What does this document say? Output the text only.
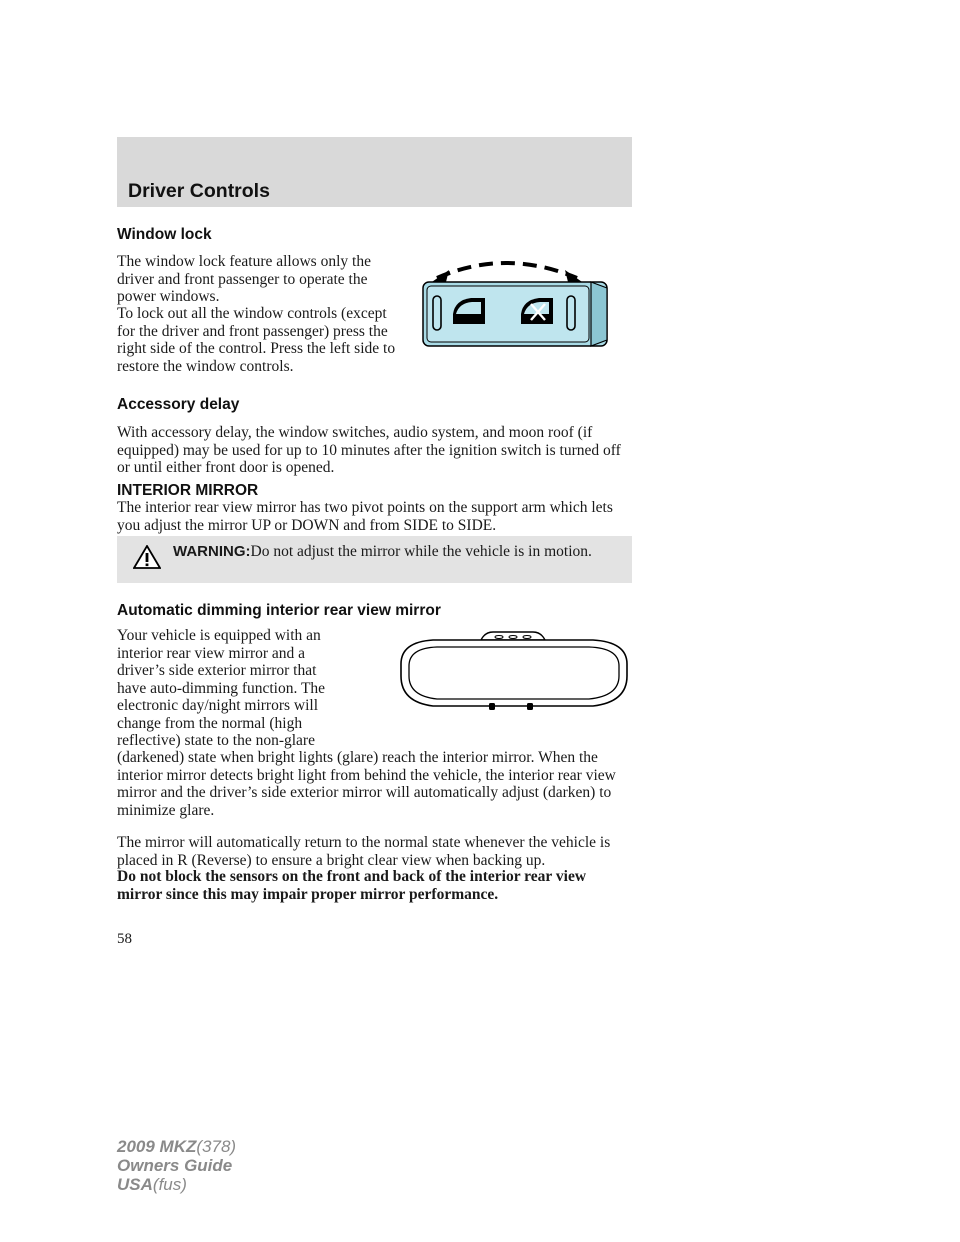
Driver Controls
Window lock
The window lock feature allows only the driver and front passenger to operate the power windows.
To lock out all the window controls (except for the driver and front passenger) press the right side of the control. Press the left side to restore the window controls.
Accessory delay
With accessory delay, the window switches, audio system, and moon roof (if equipped) may be used for up to 10 minutes after the ignition switch is turned off or until either front door is opened.
INTERIOR MIRROR
The interior rear view mirror has two pivot points on the support arm which lets you adjust the mirror UP or DOWN and from SIDE to SIDE.
WARNING:Do not adjust the mirror while the vehicle is in motion.
Automatic dimming interior rear view mirror
Your vehicle is equipped with an
interior rear view mirror and a
driver’s side exterior mirror that
have auto-dimming function. The
electronic day/night mirrors will
change from the normal (high
reflective) state to the non-glare
(darkened) state when bright lights (glare) reach the interior mirror. When the interior mirror detects bright light from behind the vehicle, the interior rear view mirror and the driver’s side exterior mirror will automatically adjust (darken) to minimize glare.
The mirror will automatically return to the normal state whenever the vehicle is placed in R (Reverse) to ensure a bright clear view when backing up.
Do not block the sensors on the front and back of the interior rear view mirror since this may impair proper mirror performance.
58
2009 MKZ(378)
Owners Guide
USA(fus)
